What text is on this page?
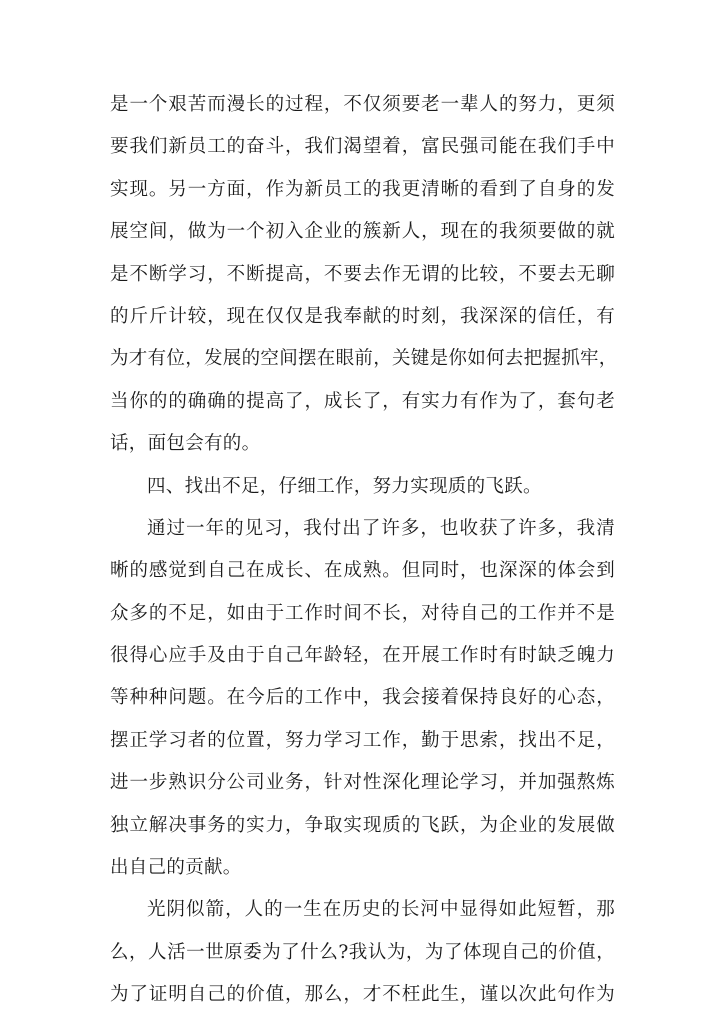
是一个艰苦而漫长的过程，不仅须要老一辈人的努力，更须
要我们新员工的奋斗，我们渴望着，富民强司能在我们手中
实现。另一方面，作为新员工的我更清晰的看到了自身的发
展空间，做为一个初入企业的簇新人，现在的我须要做的就
是不断学习，不断提高，不要去作无谓的比较，不要去无聊
的斤斤计较，现在仅仅是我奉献的时刻，我深深的信任，有
为才有位，发展的空间摆在眼前，关键是你如何去把握抓牢，
当你的的确确的提高了，成长了，有实力有作为了，套句老
话，面包会有的。
四、找出不足，仔细工作，努力实现质的飞跃。
通过一年的见习，我付出了许多，也收获了许多，我清
晰的感觉到自己在成长、在成熟。但同时，也深深的体会到
众多的不足，如由于工作时间不长，对待自己的工作并不是
很得心应手及由于自己年龄轻，在开展工作时有时缺乏魄力
等种种问题。在今后的工作中，我会接着保持良好的心态，
摆正学习者的位置，努力学习工作，勤于思索，找出不足，
进一步熟识分公司业务，针对性深化理论学习，并加强熬炼
独立解决事务的实力，争取实现质的飞跃，为企业的发展做
出自己的贡献。
光阴似箭，人的一生在历史的长河中显得如此短暂，那
么，人活一世原委为了什么?我认为，为了体现自己的价值，
为了证明自己的价值，那么，才不枉此生，谨以次此句作为
